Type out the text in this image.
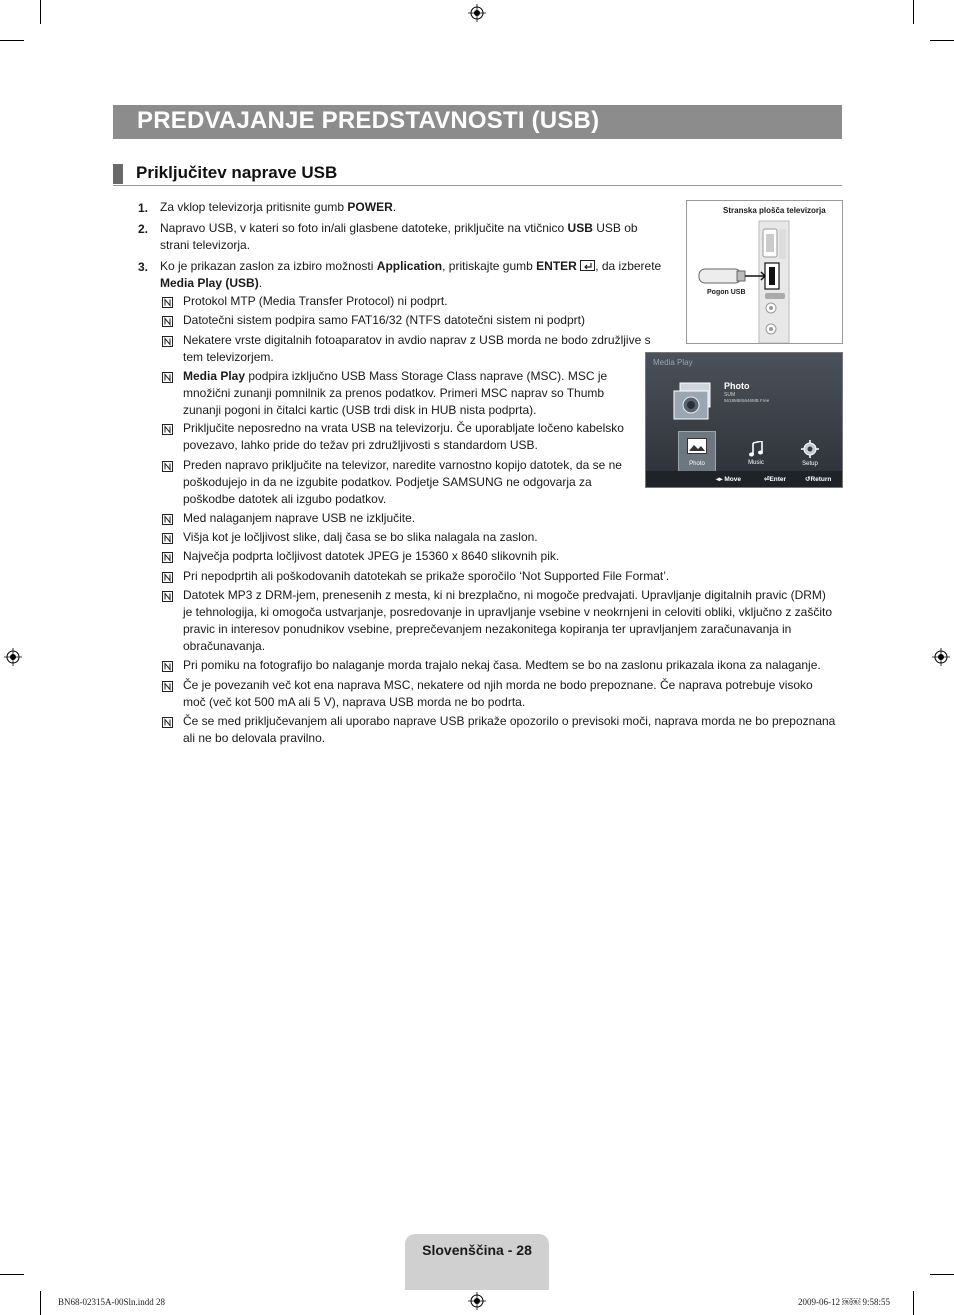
PREDVAJANJE PREDSTAVNOSTI (USB)
Priključitev naprave USB
1. Za vklop televizorja pritisnite gumb POWER.
2. Napravo USB, v kateri so foto in/ali glasbene datoteke, priključite na vtičnico USB USB ob strani televizorja.
3. Ko je prikazan zaslon za izbiro možnosti Application, pritiskajte gumb ENTER , da izberete Media Play (USB).
Protokol MTP (Media Transfer Protocol) ni podprt.
Datotečni sistem podpira samo FAT16/32 (NTFS datotečni sistem ni podprt)
Nekatere vrste digitalnih fotoaparatov in avdio naprav z USB morda ne bodo združljive s tem televizorjem.
Media Play podpira izključno USB Mass Storage Class naprave (MSC). MSC je množični zunanji pomnilnik za prenos podatkov. Primeri MSC naprav so Thumb zunanji pogoni in čitalci kartic (USB trdi disk in HUB nista podprta).
Priključite neposredno na vrata USB na televizorju. Če uporabljate ločeno kabelsko povezavo, lahko pride do težav pri združljivosti s standardom USB.
Preden napravo priključite na televizor, naredite varnostno kopijo datotek, da se ne poškodujejo in da ne izgubite podatkov. Podjetje SAMSUNG ne odgovarja za poškodbe datotek ali izgubo podatkov.
Med nalaganjem naprave USB ne izključite.
Višja kot je ločljivost slike, dalj časa se bo slika nalagala na zaslon.
Največja podprta ločljivost datotek JPEG je 15360 x 8640 slikovnih pik.
Pri nepodprtih ali poškodovanih datotekah se prikaže sporočilo ‘Not Supported File Format’.
Datotek MP3 z DRM-jem, prenesenih z mesta, ki ni brezplačno, ni mogoče predvajati. Upravljanje digitalnih pravic (DRM) je tehnologija, ki omogoča ustvarjanje, posredovanje in upravljanje vsebine v neokrnjeni in celoviti obliki, vključno z zaščito pravic in interesov ponudnikov vsebine, preprečevanjem nezakonitega kopiranja ter upravljanjem zaračunavanja in obračunavanja.
Pri pomiku na fotografijo bo nalaganje morda trajalo nekaj časa. Medtem se bo na zaslonu prikazala ikona za nalaganje.
Če je povezanih več kot ena naprava MSC, nekatere od njih morda ne bodo prepoznane. Če naprava potrebuje visoko moč (več kot 500 mA ali 5 V), naprava USB morda ne bo podrta.
Če se med priključevanjem ali uporabo naprave USB prikaže opozorilo o previsoki moči, naprava morda ne bo prepoznana ali ne bo delovala pravilno.
Stranska plošča televizorja
Pogon USB
Media Play
Photo
SUM
5618MB/5646MB Free
Photo	Music	Setup
◂▸ Move	⏎Enter	↺Return
Slovenščina - 28
BN68-02315A-00Sln.indd 28	2009-06-12 ￼￼ 9:58:55
